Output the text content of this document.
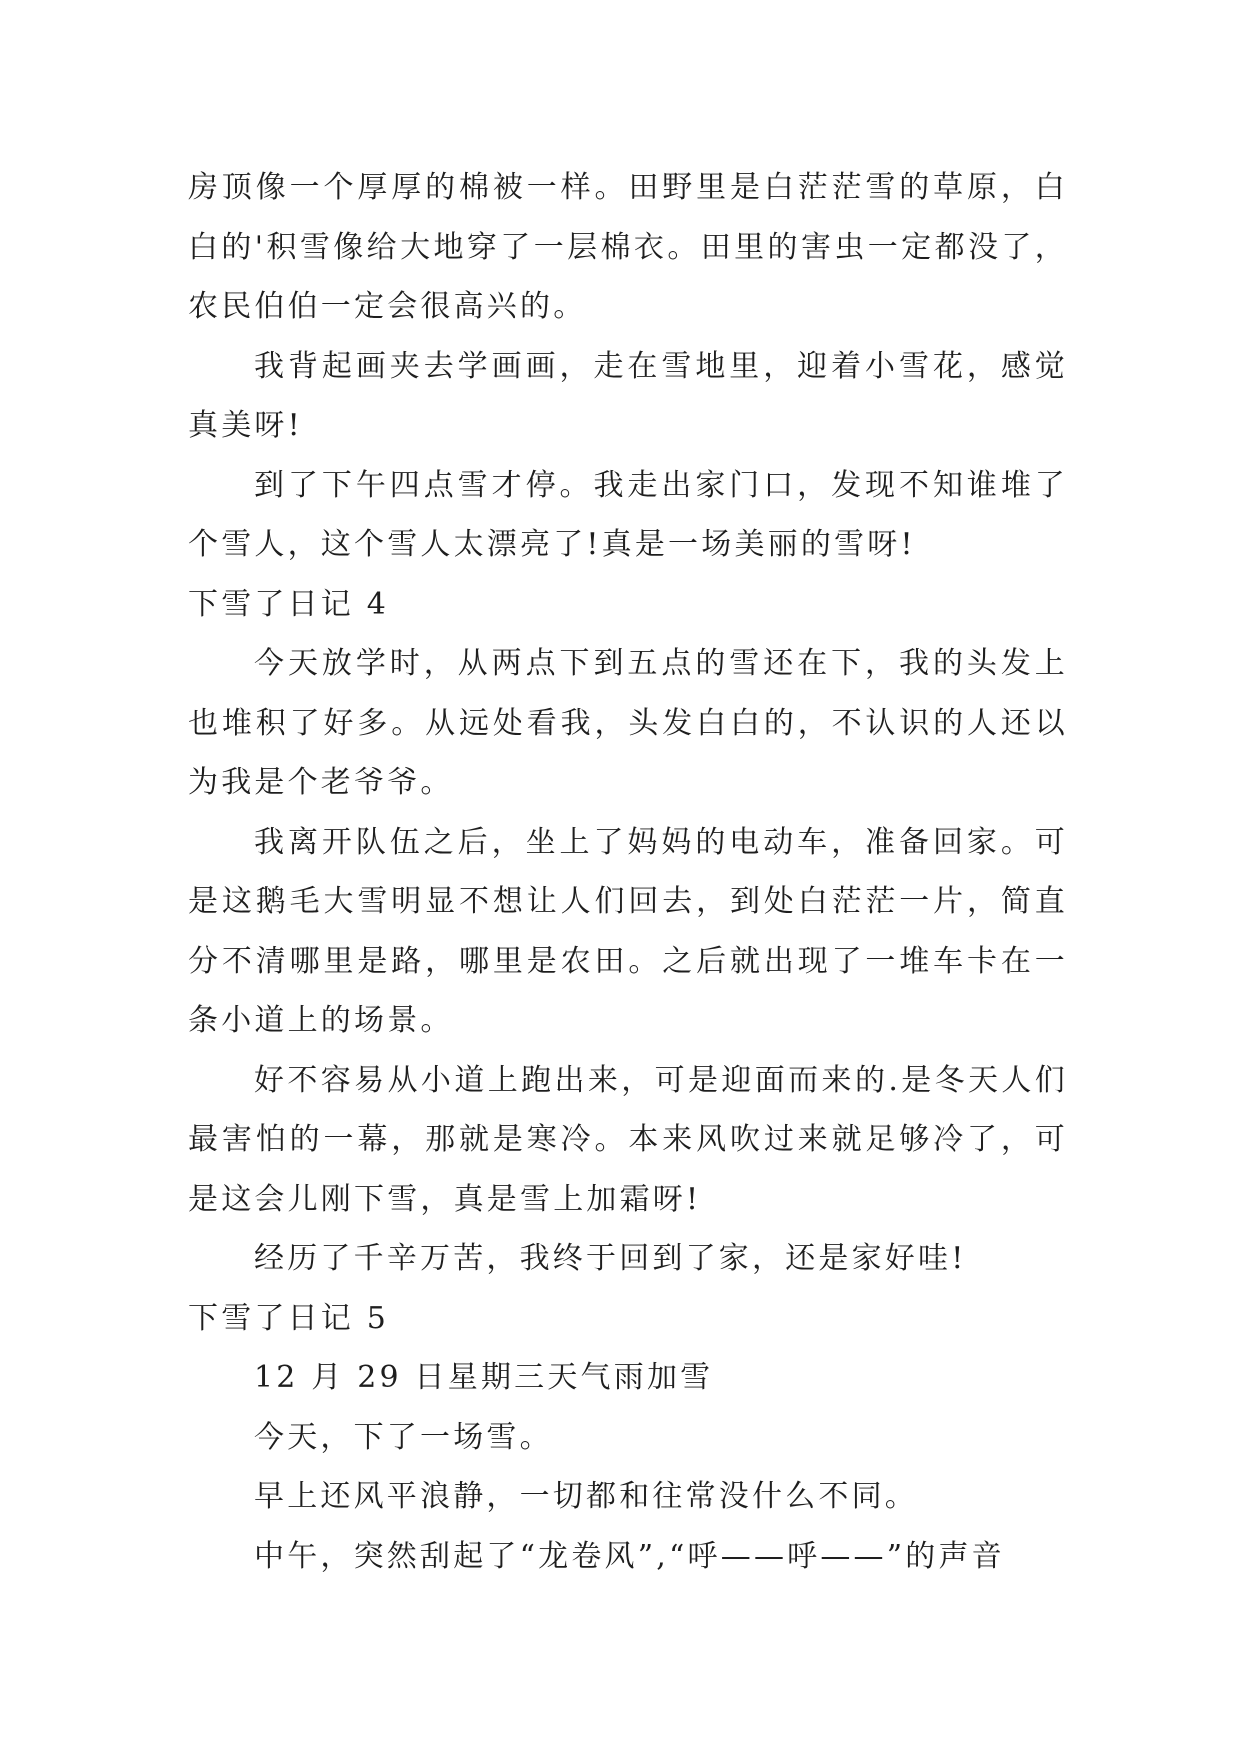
房顶像一个厚厚的棉被一样。田野里是白茫茫雪的草原，白白的'积雪像给大地穿了一层棉衣。田里的害虫一定都没了，农民伯伯一定会很高兴的。

我背起画夹去学画画，走在雪地里，迎着小雪花，感觉真美呀!

到了下午四点雪才停。我走出家门口，发现不知谁堆了个雪人，这个雪人太漂亮了!真是一场美丽的雪呀!

下雪了日记 4

今天放学时，从两点下到五点的雪还在下，我的头发上也堆积了好多。从远处看我，头发白白的，不认识的人还以为我是个老爷爷。

我离开队伍之后，坐上了妈妈的电动车，准备回家。可是这鹅毛大雪明显不想让人们回去，到处白茫茫一片，简直分不清哪里是路，哪里是农田。之后就出现了一堆车卡在一条小道上的场景。

好不容易从小道上跑出来，可是迎面而来的.是冬天人们最害怕的一幕，那就是寒冷。本来风吹过来就足够冷了，可是这会儿刚下雪，真是雪上加霜呀!

经历了千辛万苦，我终于回到了家，还是家好哇!

下雪了日记 5

12 月 29 日星期三天气雨加雪

今天，下了一场雪。

早上还风平浪静，一切都和往常没什么不同。

中午，突然刮起了“龙卷风”,“呼——呼——”的声音
